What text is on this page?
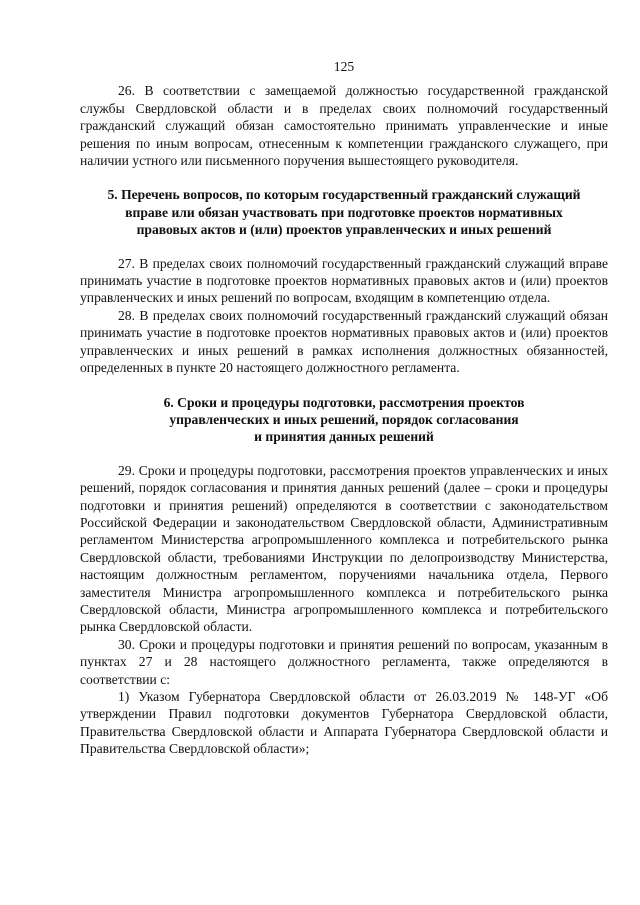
125

26. В соответствии с замещаемой должностью государственной гражданской службы Свердловской области и в пределах своих полномочий государственный гражданский служащий обязан самостоятельно принимать управленческие и иные решения по иным вопросам, отнесенным к компетенции гражданского служащего, при наличии устного или письменного поручения вышестоящего руководителя.

5. Перечень вопросов, по которым государственный гражданский служащий
вправе или обязан участвовать при подготовке проектов нормативных
правовых актов и (или) проектов управленческих и иных решений

27. В пределах своих полномочий государственный гражданский служащий вправе принимать участие в подготовке проектов нормативных правовых актов и (или) проектов управленческих и иных решений по вопросам, входящим в компетенцию отдела.

28. В пределах своих полномочий государственный гражданский служащий обязан принимать участие в подготовке проектов нормативных правовых актов и (или) проектов управленческих и иных решений в рамках исполнения должностных обязанностей, определенных в пункте 20 настоящего должностного регламента.

6. Сроки и процедуры подготовки, рассмотрения проектов
управленческих и иных решений, порядок согласования
и принятия данных решений

29. Сроки и процедуры подготовки, рассмотрения проектов управленческих и иных решений, порядок согласования и принятия данных решений (далее – сроки и процедуры подготовки и принятия решений) определяются в соответствии с законодательством Российской Федерации и законодательством Свердловской области, Административным регламентом Министерства агропромышленного комплекса и потребительского рынка Свердловской области, требованиями Инструкции по делопроизводству Министерства, настоящим должностным регламентом, поручениями начальника отдела, Первого заместителя Министра агропромышленного комплекса и потребительского рынка Свердловской области, Министра агропромышленного комплекса и потребительского рынка Свердловской области.

30. Сроки и процедуры подготовки и принятия решений по вопросам, указанным в пунктах 27 и 28 настоящего должностного регламента, также определяются в соответствии с:

1) Указом Губернатора Свердловской области от 26.03.2019 № 148-УГ «Об утверждении Правил подготовки документов Губернатора Свердловской области, Правительства Свердловской области и Аппарата Губернатора Свердловской области и Правительства Свердловской области»;
